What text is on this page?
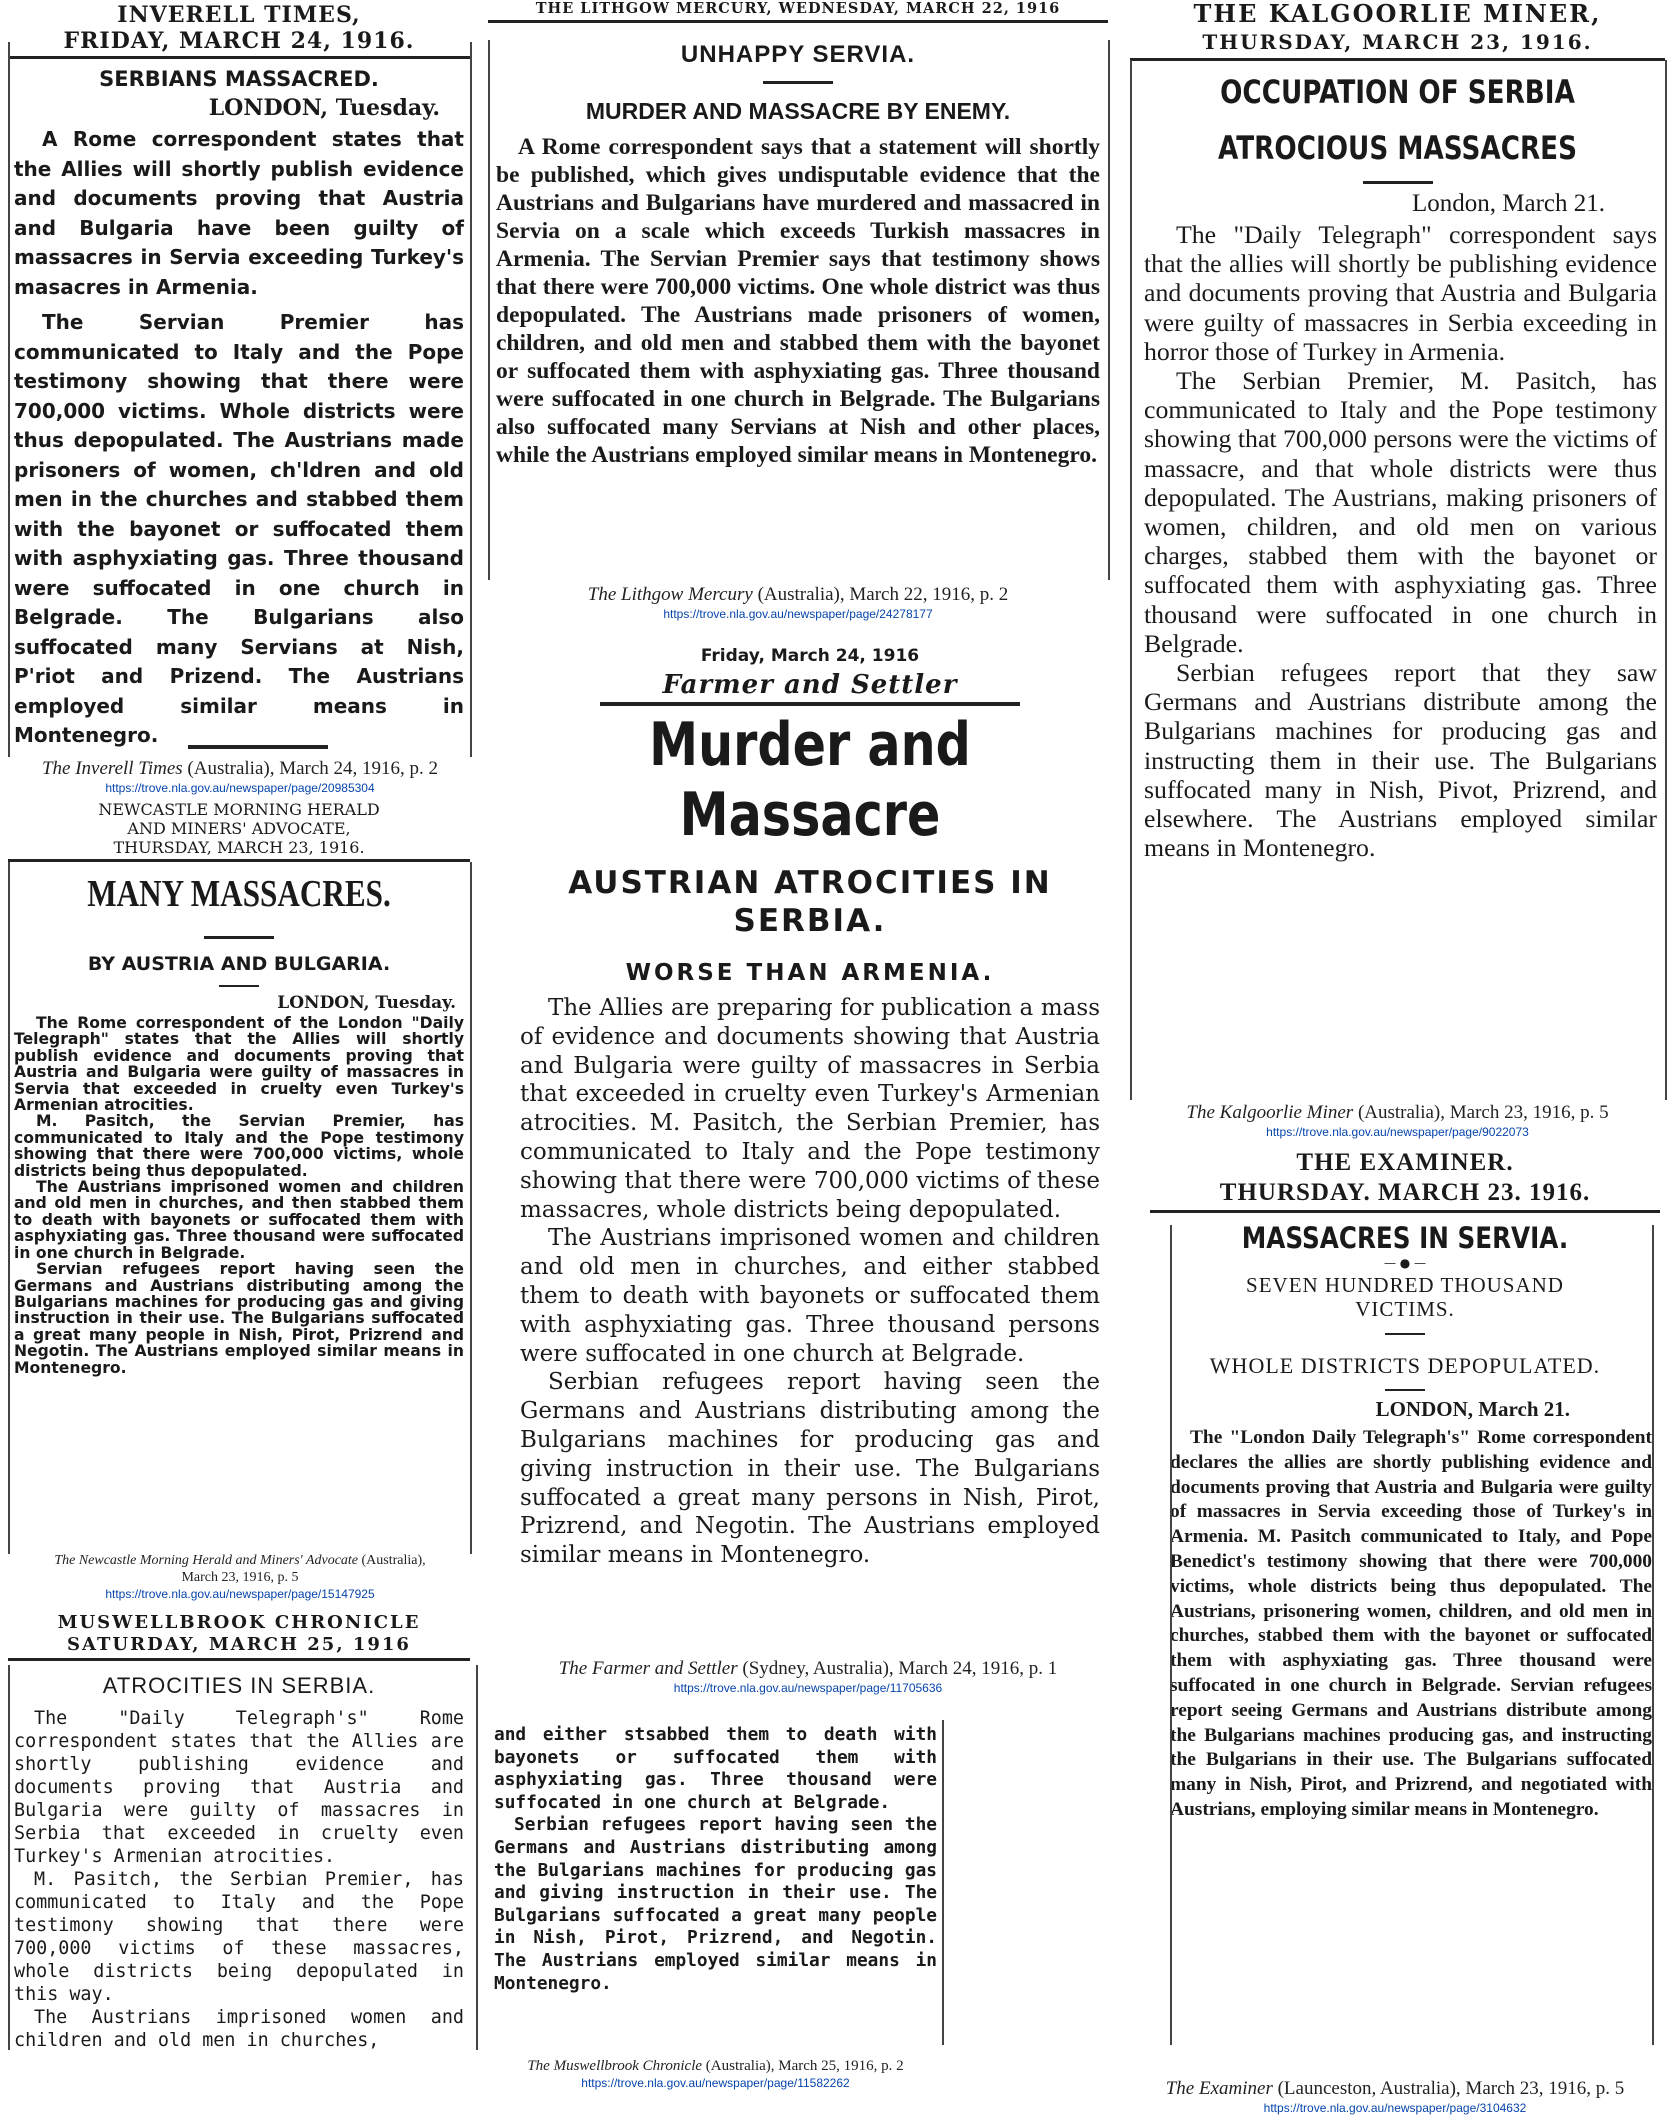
INVERELL TIMES,
FRIDAY, MARCH 24, 1916.
SERBIANS MASSACRED.
LONDON, Tuesday.

A Rome correspondent states that the Allies will shortly publish evidence and documents proving that Austria and Bulgaria have been guilty of massacres in Servia exceeding Turkey's masacres in Armenia.

The Servian Premier has communicated to Italy and the Pope testimony showing that there were 700,000 victims. Whole districts were thus depopulated. The Austrians made prisoners of women, ch'ldren and old men in the churches and stabbed them with the bayonet or suffocated them with asphyxiating gas. Three thousand were suffocated in one church in Belgrade. The Bulgarians also suffocated many Servians at Nish, P'riot and Prizend. The Austrians employed similar means in Montenegro.

The Inverell Times (Australia), March 24, 1916, p. 2
https://trove.nla.gov.au/newspaper/page/20985304
NEWCASTLE MORNING HERALD
AND MINERS' ADVOCATE,
THURSDAY, MARCH 23, 1916.
MANY MASSACRES.
BY AUSTRIA AND BULGARIA.
LONDON, Tuesday.

The Rome correspondent of the London "Daily Telegraph" states that the Allies will shortly publish evidence and documents proving that Austria and Bulgaria were guilty of massacres in Servia that exceeded in cruelty even Turkey's Armenian atrocities.

M. Pasitch, the Servian Premier, has communicated to Italy and the Pope testimony showing that there were 700,000 victims, whole districts being thus depopulated.

The Austrians imprisoned women and children and old men in churches, and then stabbed them to death with bayonets or suffocated them with asphyxiating gas. Three thousand were suffocated in one church in Belgrade.

Servian refugees report having seen the Germans and Austrians distributing among the Bulgarians machines for producing gas and giving instruction in their use. The Bulgarians suffocated a great many people in Nish, Pirot, Prizrend and Negotin. The Austrians employed similar means in Montenegro.

The Newcastle Morning Herald and Miners' Advocate (Australia),
March 23, 1916, p. 5
https://trove.nla.gov.au/newspaper/page/15147925
MUSWELLBROOK CHRONICLE
SATURDAY, MARCH 25, 1916
ATROCITIES IN SERBIA.

The "Daily Telegraph's" Rome correspondent states that the Allies are shortly publishing evidence and documents proving that Austria and Bulgaria were guilty of massacres in Serbia that exceeded in cruelty even Turkey's Armenian atrocities.

M. Pasitch, the Serbian Premier, has communicated to Italy and the Pope testimony showing that there were 700,000 victims of these massacres, whole districts being depopulated in this way.

The Austrians imprisoned women and children and old men in churches,

and either stsabbed them to death with bayonets or suffocated them with asphyxiating gas. Three thousand were suffocated in one church at Belgrade.

Serbian refugees report having seen the Germans and Austrians distributing among the Bulgarians machines for producing gas and giving instruction in their use. The Bulgarians suffocated a great many people in Nish, Pirot, Prizrend, and Negotin. The Austrians employed similar means in Montenegro.

The Muswellbrook Chronicle (Australia), March 25, 1916, p. 2
https://trove.nla.gov.au/newspaper/page/11582262
THE LITHGOW MERCURY, WEDNESDAY, MARCH 22, 1916
UNHAPPY SERVIA.
MURDER AND MASSACRE BY ENEMY.

A Rome correspondent says that a statement will shortly be published, which gives undisputable evidence that the Austrians and Bulgarians have murdered and massacred in Servia on a scale which exceeds Turkish massacres in Armenia. The Servian Premier says that testimony shows that there were 700,000 victims. One whole district was thus depopulated. The Austrians made prisoners of women, children, and old men and stabbed them with the bayonet or suffocated them with asphyxiating gas. Three thousand were suffocated in one church in Belgrade. The Bulgarians also suffocated many Servians at Nish and other places, while the Austrians employed similar means in Montenegro.

The Lithgow Mercury (Australia), March 22, 1916, p. 2
https://trove.nla.gov.au/newspaper/page/24278177
Friday, March 24, 1916
Farmer and Settler
Murder and Massacre
AUSTRIAN ATROCITIES IN SERBIA.
WORSE THAN ARMENIA.

The Allies are preparing for publication a mass of evidence and documents showing that Austria and Bulgaria were guilty of massacres in Serbia that exceeded in cruelty even Turkey's Armenian atrocities. M. Pasitch, the Serbian Premier, has communicated to Italy and the Pope testimony showing that there were 700,000 victims of these massacres, whole districts being depopulated.

The Austrians imprisoned women and children and old men in churches, and either stabbed them to death with bayonets or suffocated them with asphyxiating gas. Three thousand persons were suffocated in one church at Belgrade.

Serbian refugees report having seen the Germans and Austrians distributing among the Bulgarians machines for producing gas and giving instruction in their use. The Bulgarians suffocated a great many persons in Nish, Pirot, Prizrend, and Negotin. The Austrians employed similar means in Montenegro.

The Farmer and Settler (Sydney, Australia), March 24, 1916, p. 1
https://trove.nla.gov.au/newspaper/page/11705636
THE KALGOORLIE MINER,
THURSDAY, MARCH 23, 1916.
OCCUPATION OF SERBIA
ATROCIOUS MASSACRES
London, March 21.

The "Daily Telegraph" correspondent says that the allies will shortly be publishing evidence and documents proving that Austria and Bulgaria were guilty of massacres in Serbia exceeding in horror those of Turkey in Armenia.

The Serbian Premier, M. Pasitch, has communicated to Italy and the Pope testimony showing that 700,000 persons were the victims of massacre, and that whole districts were thus depopulated. The Austrians, making prisoners of women, children, and old men on various charges, stabbed them with the bayonet or suffocated them with asphyxiating gas. Three thousand were suffocated in one church in Belgrade.

Serbian refugees report that they saw Germans and Austrians distribute among the Bulgarians machines for producing gas and instructing them in their use. The Bulgarians suffocated many in Nish, Pivot, Prizrend, and elsewhere. The Austrians employed similar means in Montenegro.

The Kalgoorlie Miner (Australia), March 23, 1916, p. 5
https://trove.nla.gov.au/newspaper/page/9022073
THE EXAMINER.
THURSDAY. MARCH 23. 1916.
MASSACRES IN SERVIA.
— ● —
SEVEN HUNDRED THOUSAND VICTIMS.
WHOLE DISTRICTS DEPOPULATED.
LONDON, March 21.

The "London Daily Telegraph's" Rome correspondent declares the allies are shortly publishing evidence and documents proving that Austria and Bulgaria were guilty of massacres in Servia exceeding those of Turkey's in Armenia. M. Pasitch communicated to Italy, and Pope Benedict's testimony showing that there were 700,000 victims, whole districts being thus depopulated. The Austrians, prisonering women, children, and old men in churches, stabbed them with the bayonet or suffocated them with asphyxiating gas. Three thousand were suffocated in one church in Belgrade. Servian refugees report seeing Germans and Austrians distribute among the Bulgarians machines producing gas, and instructing the Bulgarians in their use. The Bulgarians suffocated many in Nish, Pirot, and Prizrend, and negotiated with Austrians, employing similar means in Montenegro.

The Examiner (Launceston, Australia), March 23, 1916, p. 5
https://trove.nla.gov.au/newspaper/page/3104632
